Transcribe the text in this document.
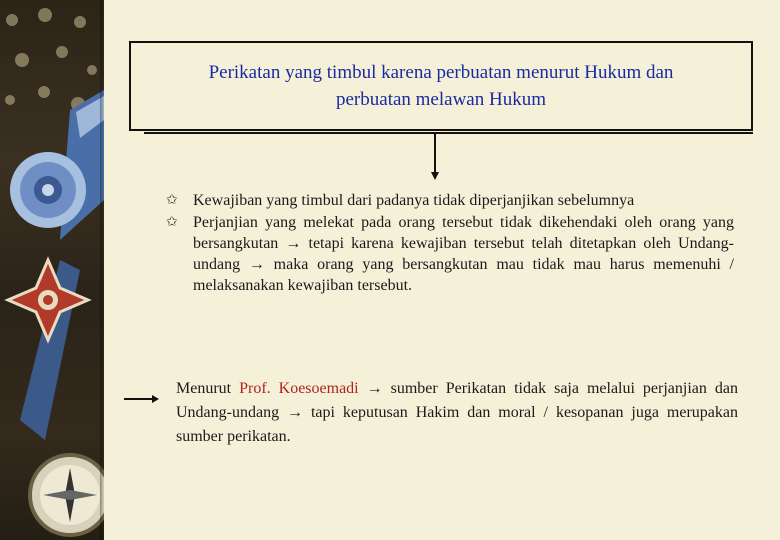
Perikatan yang timbul karena perbuatan menurut Hukum dan
perbuatan melawan Hukum
✩ Kewajiban yang timbul dari padanya tidak diperjanjikan sebelumnya
✩ Perjanjian yang melekat pada orang tersebut tidak dikehendaki oleh orang yang bersangkutan → tetapi karena kewajiban tersebut telah ditetapkan oleh Undang-undang → maka orang yang bersangkutan mau tidak mau harus memenuhi / melaksanakan kewajiban tersebut.
Menurut Prof. Koesoemadi → sumber Perikatan tidak saja melalui perjanjian dan Undang-undang → tapi keputusan Hakim dan moral / kesopanan juga merupakan sumber perikatan.
